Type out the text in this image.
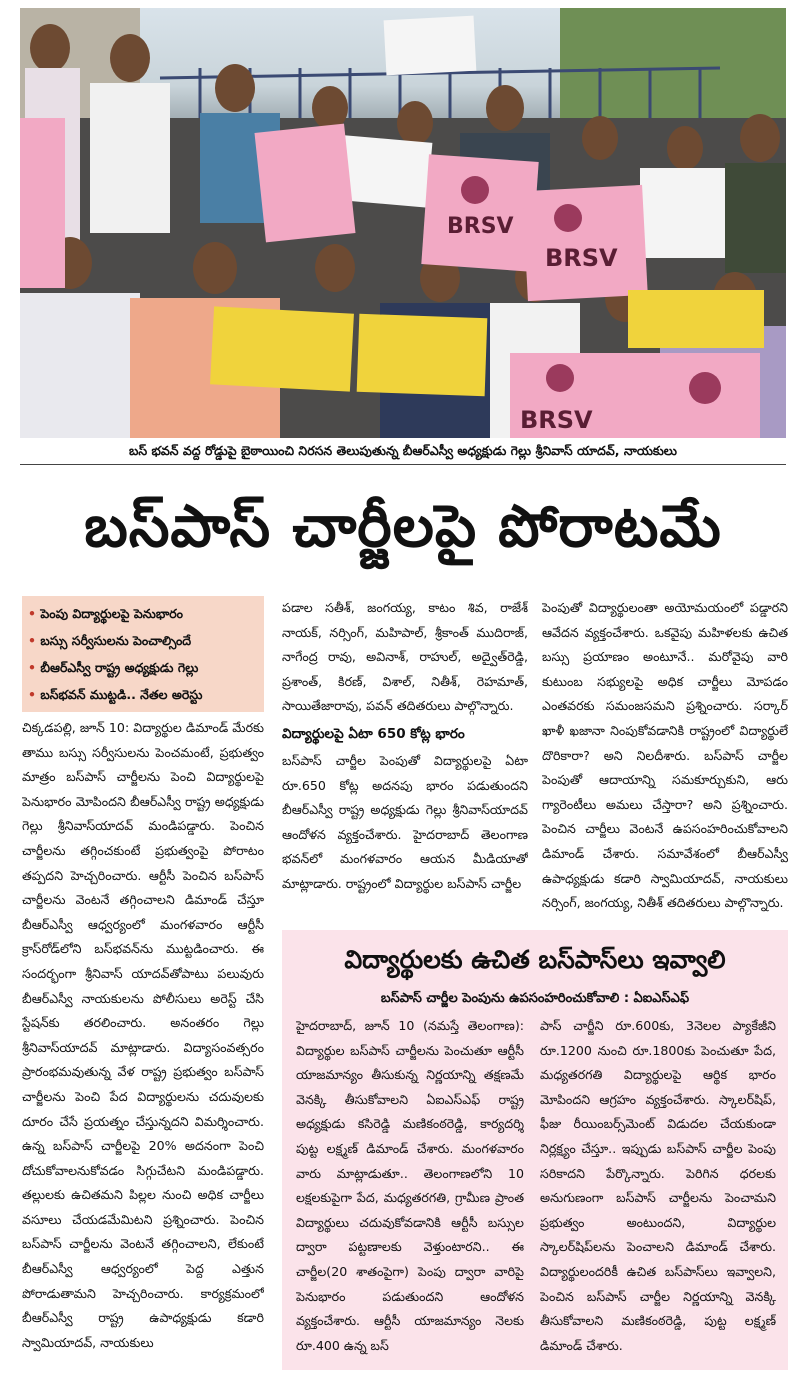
BRSV
BRSV
BRSV
బస్ భవన్ వద్ద రోడ్డుపై బైఠాయించి నిరసన తెలుపుతున్న బీఆర్ఎస్వీ అధ్యక్షుడు గెల్లు శ్రీనివాస్ యాదవ్, నాయకులు
బస్‌పాస్ చార్జీలపై పోరాటమే
• పెంపు విద్యార్థులపై పెనుభారం
• బస్సు సర్వీసులను పెంచాల్సిందే
• బీఆర్ఎస్వీ రాష్ట్ర అధ్యక్షుడు గెల్లు
• బస్‌భవన్ ముట్టడి.. నేతల అరెస్టు

చిక్కడపల్లి, జూన్ 10: విద్యార్థుల డిమాండ్ మేరకు తాము బస్సు సర్వీసులను పెంచమంటే, ప్రభుత్వం మాత్రం బస్‌పాస్ చార్జీలను పెంచి విద్యార్థులపై పెనుభారం మోపిందని బీఆర్ఎస్వీ రాష్ట్ర అధ్యక్షుడు గెల్లు శ్రీనివాస్‌యాదవ్ మండిపడ్డారు. పెంచిన చార్జీలను తగ్గించకుంటే ప్రభుత్వంపై పోరాటం తప్పదని హెచ్చరించారు. ఆర్టీసీ పెంచిన బస్‌పాస్ చార్జీలను వెంటనే తగ్గించాలని డిమాండ్ చేస్తూ బీఆర్ఎస్వీ ఆధ్వర్యంలో మంగళవారం ఆర్టీసీ క్రాస్‌రోడ్‌లోని బస్‌భవన్‌ను ముట్టడించారు. ఈ సందర్భంగా శ్రీనివాస్ యాదవ్‌తోపాటు పలువురు బీఆర్ఎస్వీ నాయకులను పోలీసులు అరెస్ట్ చేసి స్టేషన్‌కు తరలించారు. అనంతరం గెల్లు శ్రీనివాస్‌యాదవ్ మాట్లాడారు. విద్యాసంవత్సరం ప్రారంభమవుతున్న వేళ రాష్ట్ర ప్రభుత్వం బస్‌పాస్ చార్జీలను పెంచి పేద విద్యార్థులను చదువులకు దూరం చేసే ప్రయత్నం చేస్తున్నదని విమర్శించారు. ఉన్న బస్‌పాస్ చార్జీలపై 20% అదనంగా పెంచి దోచుకోవాలనుకోవడం సిగ్గుచేటని మండిపడ్డారు. తల్లులకు ఉచితమని పిల్లల నుంచి అధిక చార్జీలు వసూలు చేయడమేమిటని ప్రశ్నించారు. పెంచిన బస్‌పాస్ చార్జీలను వెంటనే తగ్గించాలని, లేకుంటే బీఆర్ఎస్వీ ఆధ్వర్యంలో పెద్ద ఎత్తున పోరాడుతామని హెచ్చరించారు. కార్యక్రమంలో బీఆర్ఎస్వీ రాష్ట్ర ఉపాధ్యక్షుడు కడారి స్వామియాదవ్, నాయకులు

పడాల సతీశ్, జంగయ్య, కాటం శివ, రాజేశ్ నాయక్, నర్సింగ్, మహిపాల్, శ్రీకాంత్ ముదిరాజ్, నాగేంద్ర రావు, అవినాశ్, రాహుల్, అద్వైత్‌రెడ్డి, ప్రశాంత్, కిరణ్, విశాల్, నితీశ్, రెహమాత్, సాయితేజారావు, పవన్ తదితరులు పాల్గొన్నారు.

విద్యార్థులపై ఏటా 650 కోట్ల భారం

బస్‌పాస్ చార్జీల పెంపుతో విద్యార్థులపై ఏటా రూ.650 కోట్ల అదనపు భారం పడుతుందని బీఆర్ఎస్వీ రాష్ట్ర అధ్యక్షుడు గెల్లు శ్రీనివాస్‌యాదవ్ ఆందోళన వ్యక్తంచేశారు. హైదరాబాద్ తెలంగాణ భవన్‌లో మంగళవారం ఆయన మీడియాతో మాట్లాడారు. రాష్ట్రంలో విద్యార్థుల బస్‌పాస్ చార్జీల

పెంపుతో విద్యార్థులంతా అయోమయంలో పడ్డారని ఆవేదన వ్యక్తంచేశారు. ఒకవైపు మహిళలకు ఉచిత బస్సు ప్రయాణం అంటూనే.. మరోవైపు వారి కుటుంబ సభ్యులపై అధిక చార్జీలు మోపడం ఎంతవరకు సమంజసమని ప్రశ్నించారు. సర్కార్ ఖాళీ ఖజానా నింపుకోవడానికి రాష్ట్రంలో విద్యార్థులే దొరికారా? అని నిలదీశారు. బస్‌పాస్ చార్జీల పెంపుతో ఆదాయాన్ని సమకూర్చుకుని, ఆరు గ్యారెంటీలు అమలు చేస్తారా? అని ప్రశ్నించారు. పెంచిన చార్జీలు వెంటనే ఉపసంహరించుకోవాలని డిమాండ్ చేశారు. సమావేశంలో బీఆర్ఎస్వీ ఉపాధ్యక్షుడు కడారి స్వామియాదవ్, నాయకులు నర్సింగ్, జంగయ్య, నితీశ్ తదితరులు పాల్గొన్నారు.

విద్యార్థులకు ఉచిత బస్‌పాస్‌లు ఇవ్వాలి
బస్‌పాస్ చార్జీల పెంపును ఉపసంహరించుకోవాలి : ఏఐఎస్ఎఫ్

హైదరాబాద్, జూన్ 10 (నమస్తే తెలంగాణ): విద్యార్థుల బస్‌పాస్ చార్జీలను పెంచుతూ ఆర్టీసీ యాజమాన్యం తీసుకున్న నిర్ణయాన్ని తక్షణమే వెనక్కి తీసుకోవాలని ఏఐఎస్ఎఫ్ రాష్ట్ర అధ్యక్షుడు కసిరెడ్డి మణికంఠరెడ్డి, కార్యదర్శి పుట్ట లక్ష్మణ్ డిమాండ్ చేశారు. మంగళవారం వారు మాట్లాడుతూ.. తెలంగాణలోని 10 లక్షలకుపైగా పేద, మధ్యతరగతి, గ్రామీణ ప్రాంత విద్యార్థులు చదువుకోవడానికి ఆర్టీసీ బస్సుల ద్వారా పట్టణాలకు వెళ్తుంటారని.. ఈ చార్జీల(20 శాతంపైగా) పెంపు ద్వారా వారిపై పెనుభారం పడుతుందని ఆందోళన వ్యక్తంచేశారు. ఆర్టీసీ యాజమాన్యం నెలకు రూ.400 ఉన్న బస్

పాస్ చార్జీని రూ.600కు, 3నెలల ప్యాకేజీని రూ.1200 నుంచి రూ.1800కు పెంచుతూ పేద, మధ్యతరగతి విద్యార్థులపై ఆర్థిక భారం మోపిందని ఆగ్రహం వ్యక్తంచేశారు. స్కాలర్‌షిప్, ఫీజు రీయింబర్స్‌మెంట్ విడుదల చేయకుండా నిర్లక్ష్యం చేస్తూ.. ఇప్పుడు బస్‌పాస్ చార్జీల పెంపు సరికాదని పేర్కొన్నారు. పెరిగిన ధరలకు అనుగుణంగా బస్‌పాస్ చార్జీలను పెంచామని ప్రభుత్వం అంటుందని, విద్యార్థుల స్కాలర్‌షిప్‌లను పెంచాలని డిమాండ్ చేశారు. విద్యార్థులందరికీ ఉచిత బస్‌పాస్‌లు ఇవ్వాలని, పెంచిన బస్‌పాస్ చార్జీల నిర్ణయాన్ని వెనక్కి తీసుకోవాలని మణికంఠరెడ్డి, పుట్ట లక్ష్మణ్ డిమాండ్ చేశారు.
